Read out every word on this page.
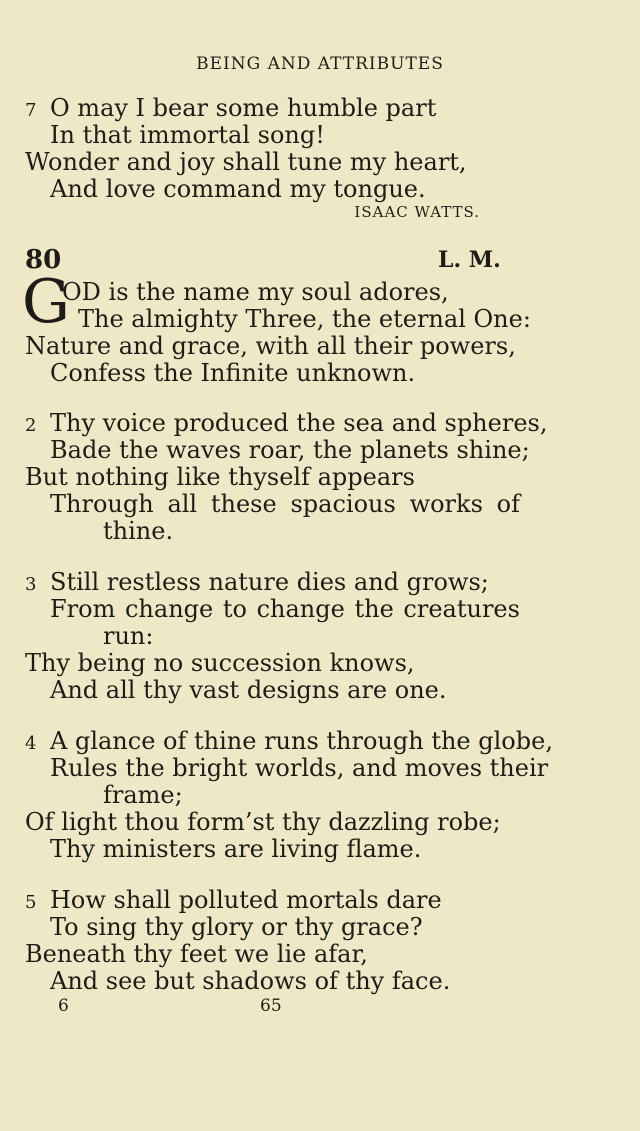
BEING AND ATTRIBUTES
7 O may I bear some humble part
In that immortal song!
Wonder and joy shall tune my heart,
And love command my tongue.
ISAAC WATTS.
80	L. M.
G
OD is the name my soul adores,
The almighty Three, the eternal One:
Nature and grace, with all their powers,
Confess the Infinite unknown.
2 Thy voice produced the sea and spheres,
Bade the waves roar, the planets shine;
But nothing like thyself appears
Through all these spacious works of
thine.
3 Still restless nature dies and grows;
From change to change the creatures
run:
Thy being no succession knows,
And all thy vast designs are one.
4 A glance of thine runs through the globe,
Rules the bright worlds, and moves their
frame;
Of light thou form’st thy dazzling robe;
Thy ministers are living flame.
5 How shall polluted mortals dare
To sing thy glory or thy grace?
Beneath thy feet we lie afar,
And see but shadows of thy face.
6	65
